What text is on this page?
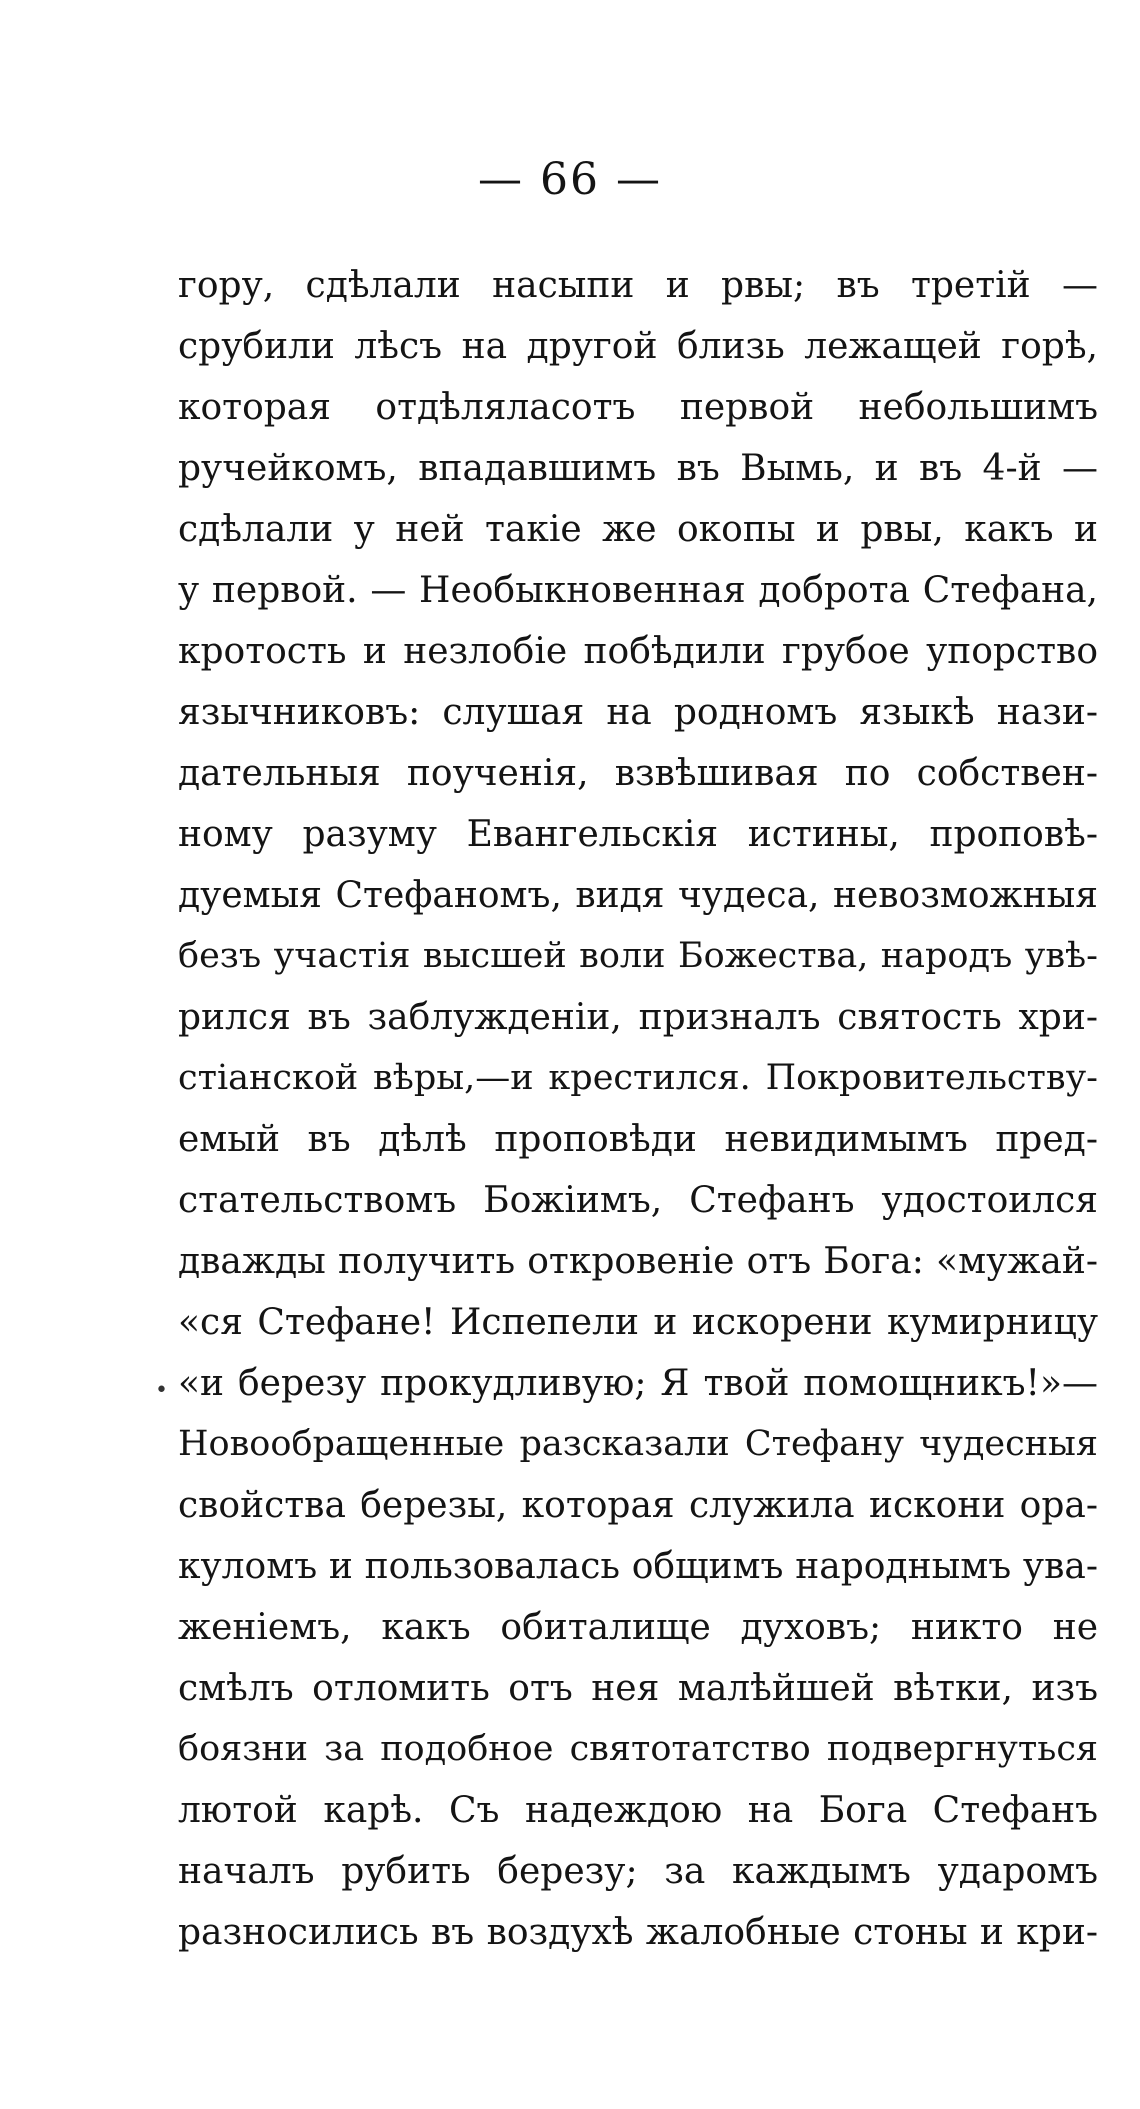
— 66 —
•
гору, сдѣлали насыпи и рвы; въ третій —
срубили лѣсъ на другой близь лежащей горѣ,
которая отдѣляласотъ первой небольшимъ
ручейкомъ, впадавшимъ въ Вымь, и въ 4-й —
сдѣлали у ней такіе же окопы и рвы, какъ и
у первой. — Необыкновенная доброта Стефана,
кротость и незлобіе побѣдили грубое упорство
язычниковъ: слушая на родномъ языкѣ нази-
дательныя поученія, взвѣшивая по собствен-
ному разуму Евангельскія истины, проповѣ-
дуемыя Стефаномъ, видя чудеса, невозможныя
безъ участія высшей воли Божества, народъ увѣ-
рился въ заблужденіи, призналъ святость хри-
стіанской вѣры,—и крестился. Покровительству-
емый въ дѣлѣ проповѣди невидимымъ пред-
стательствомъ Божіимъ, Стефанъ удостоился
дважды получить откровеніе отъ Бога: «мужай-
«ся Стефане! Испепели и искорени кумирницу
«и березу прокудливую; Я твой помощникъ!»—
Новообращенные разсказали Стефану чудесныя
свойства березы, которая служила искони ора-
куломъ и пользовалась общимъ народнымъ ува-
женіемъ, какъ обиталище духовъ; никто не
смѣлъ отломить отъ нея малѣйшей вѣтки, изъ
боязни за подобное святотатство подвергнуться
лютой карѣ. Съ надеждою на Бога Стефанъ
началъ рубить березу; за каждымъ ударомъ
разносились въ воздухѣ жалобные стоны и кри-
